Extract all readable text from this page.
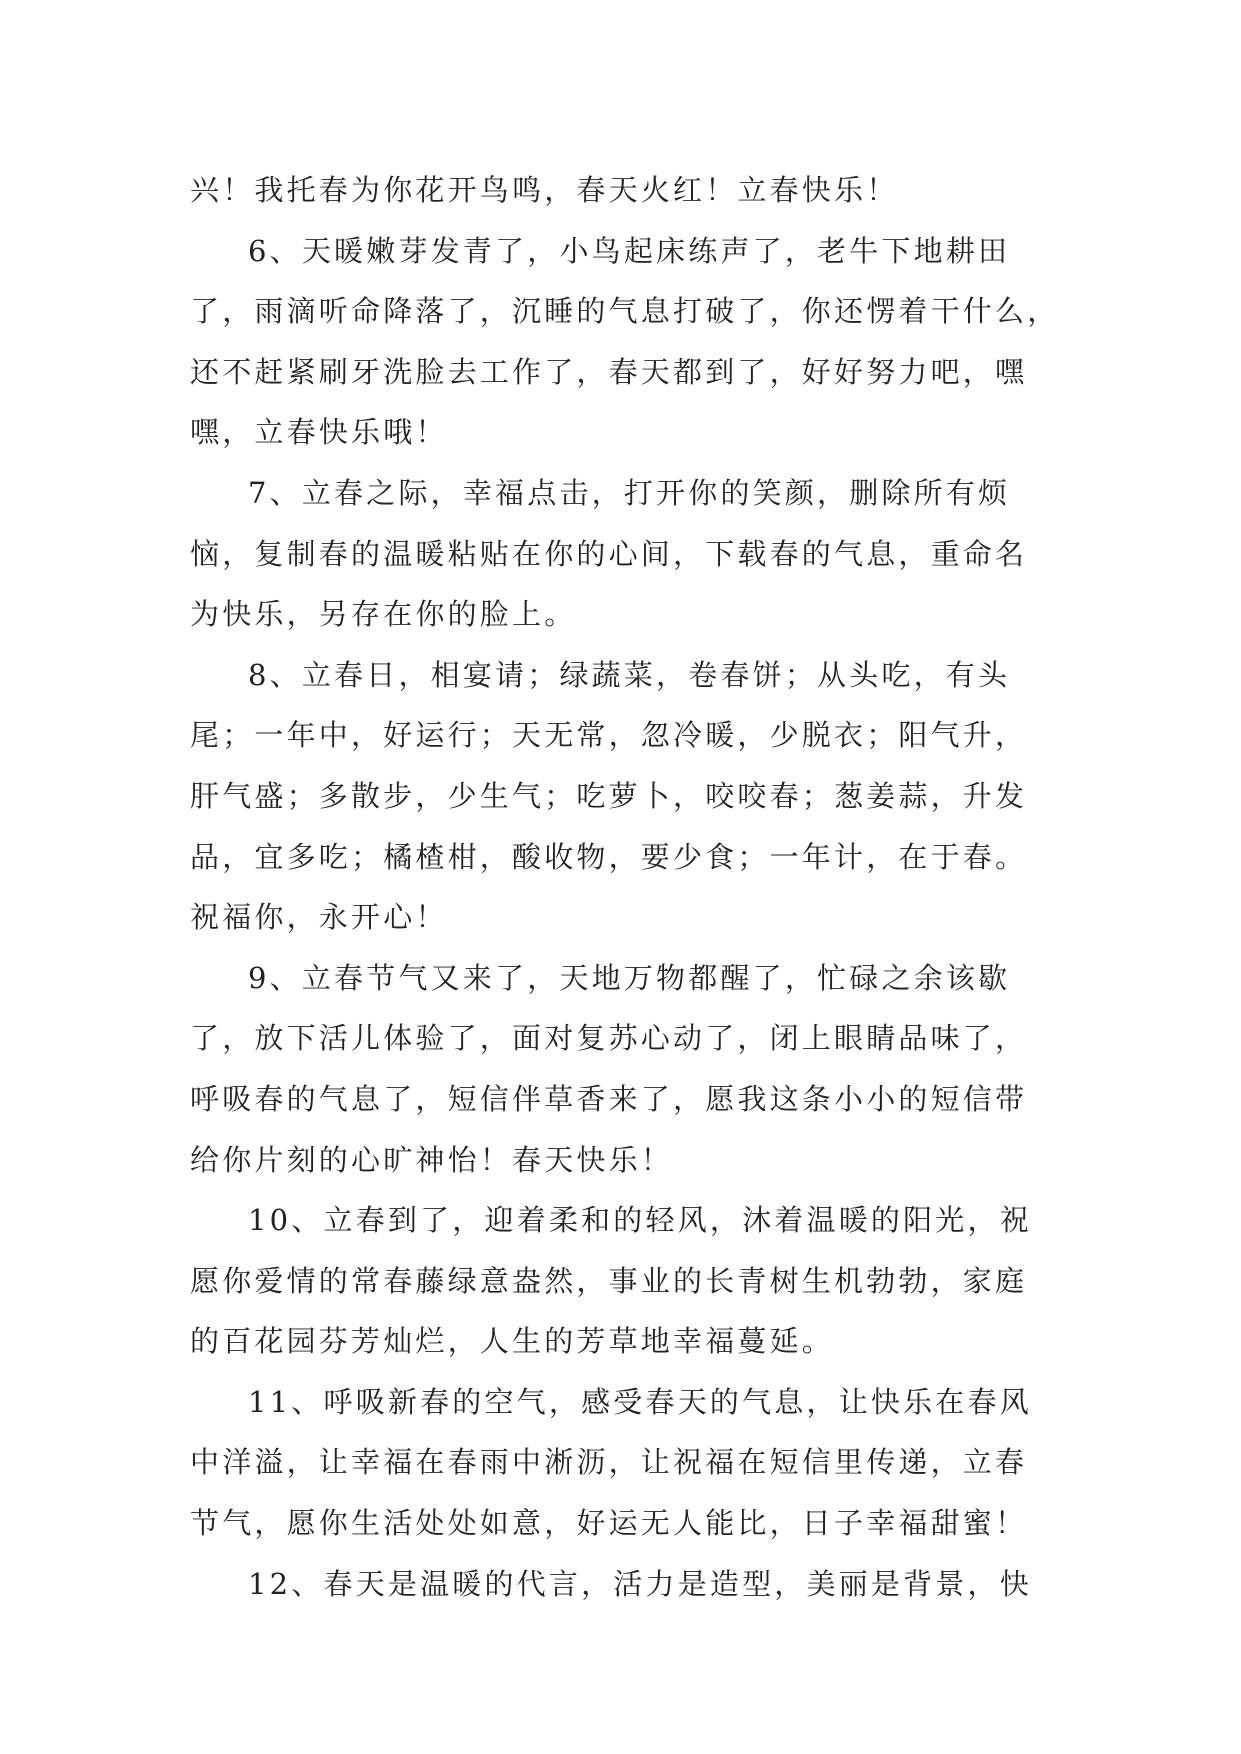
兴！我托春为你花开鸟鸣，春天火红！立春快乐！
6、天暖嫩芽发青了，小鸟起床练声了，老牛下地耕田
了，雨滴听命降落了，沉睡的气息打破了，你还愣着干什么，
还不赶紧刷牙洗脸去工作了，春天都到了，好好努力吧，嘿
嘿，立春快乐哦！
7、立春之际，幸福点击，打开你的笑颜，删除所有烦
恼，复制春的温暖粘贴在你的心间，下载春的气息，重命名
为快乐，另存在你的脸上。
8、立春日，相宴请；绿蔬菜，卷春饼；从头吃，有头
尾；一年中，好运行；天无常，忽冷暖，少脱衣；阳气升，
肝气盛；多散步，少生气；吃萝卜，咬咬春；葱姜蒜，升发
品，宜多吃；橘楂柑，酸收物，要少食；一年计，在于春。
祝福你，永开心！
9、立春节气又来了，天地万物都醒了，忙碌之余该歇
了，放下活儿体验了，面对复苏心动了，闭上眼睛品味了，
呼吸春的气息了，短信伴草香来了，愿我这条小小的短信带
给你片刻的心旷神怡！春天快乐！
10、立春到了，迎着柔和的轻风，沐着温暖的阳光，祝
愿你爱情的常春藤绿意盎然，事业的长青树生机勃勃，家庭
的百花园芬芳灿烂，人生的芳草地幸福蔓延。
11、呼吸新春的空气，感受春天的气息，让快乐在春风
中洋溢，让幸福在春雨中淅沥，让祝福在短信里传递，立春
节气，愿你生活处处如意，好运无人能比，日子幸福甜蜜！
12、春天是温暖的代言，活力是造型，美丽是背景，快
